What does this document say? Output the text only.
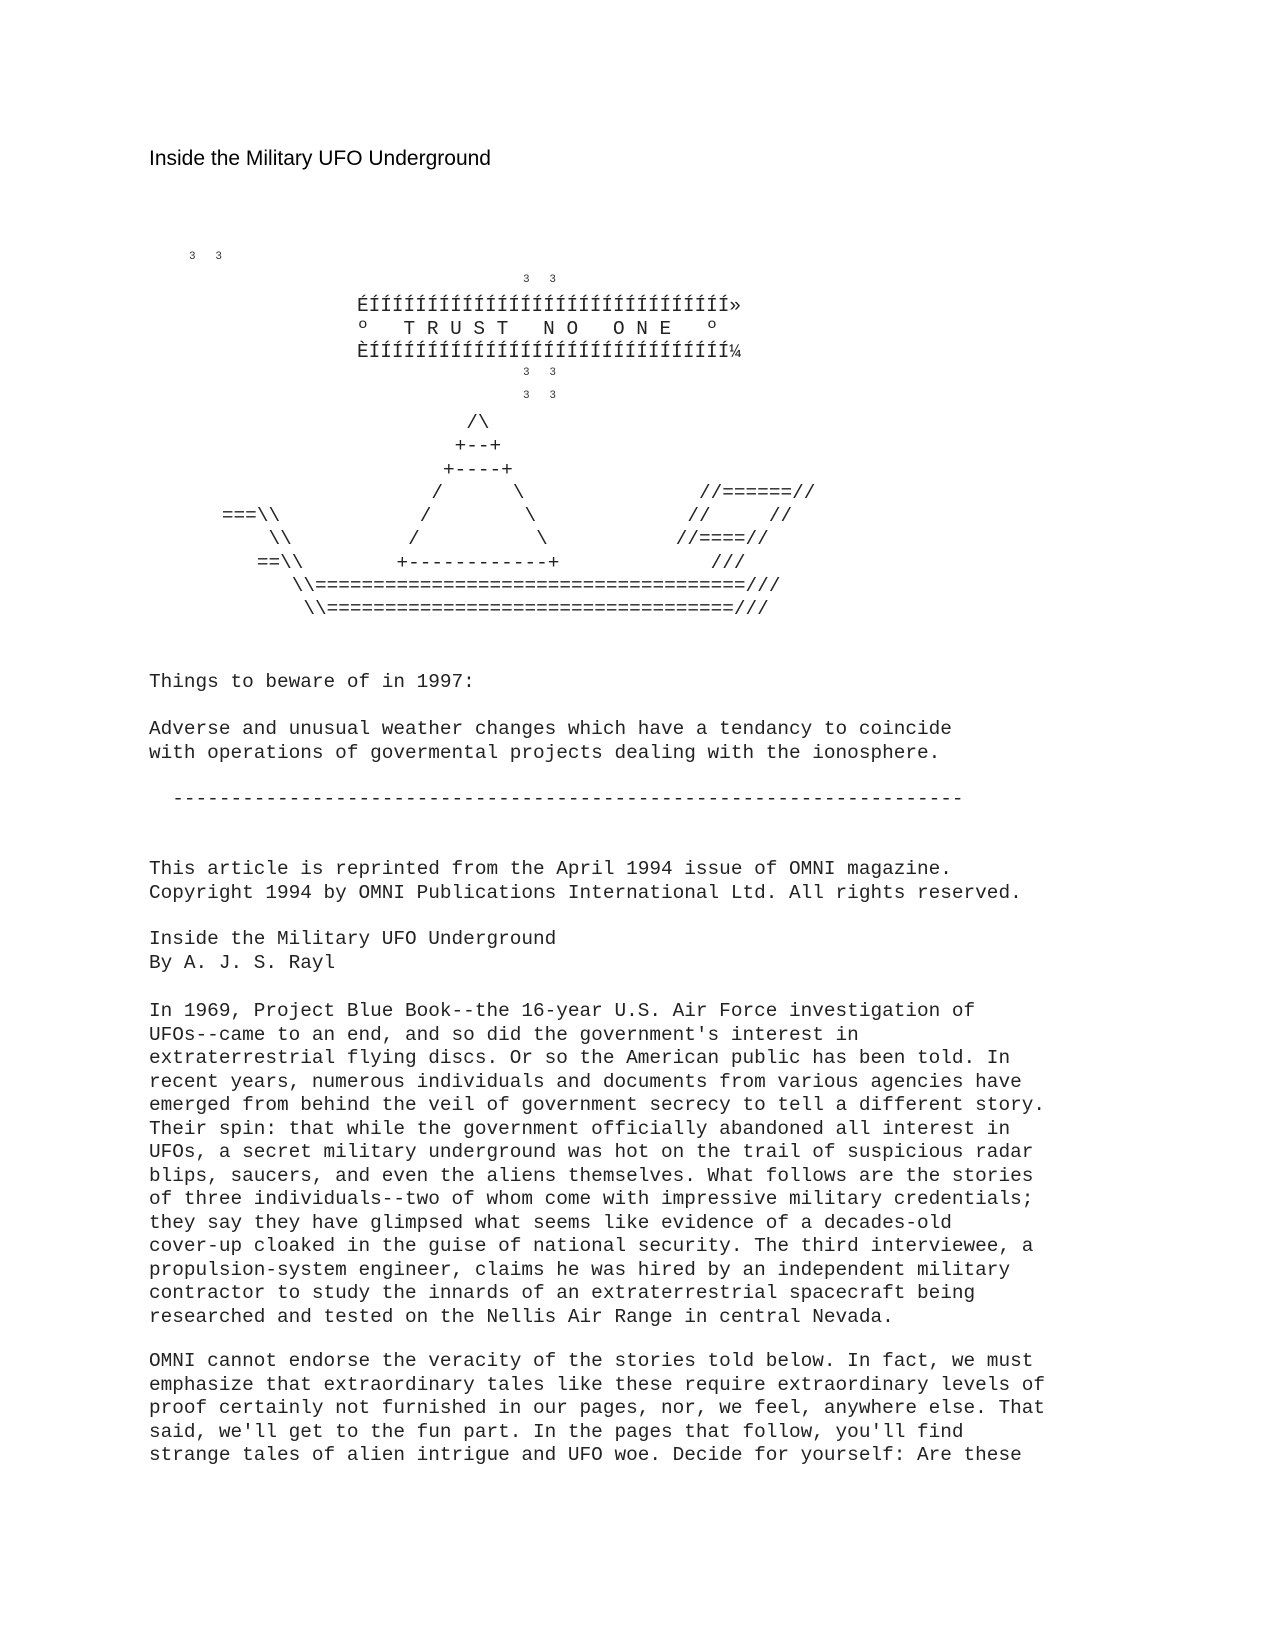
Inside the Military UFO Underground
3   3
3   3
ÉÍÍÍÍÍÍÍÍÍÍÍÍÍÍÍÍÍÍÍÍÍÍÍÍÍÍÍÍÍÍÍ»
º   T R U S T   N O   O N E   º
ÈÍÍÍÍÍÍÍÍÍÍÍÍÍÍÍÍÍÍÍÍÍÍÍÍÍÍÍÍÍÍÍ¼
3   3
3   3
/\
+--+
+----+
/      \               //======//
===\\            /        \             //     //
\\          /          \           //====//
==\\        +------------+             ///
\\=====================================///
\\===================================///
Things to beware of in 1997:
Adverse and unusual weather changes which have a tendancy to coincide
with operations of govermental projects dealing with the ionosphere.
--------------------------------------------------------------------
This article is reprinted from the April 1994 issue of OMNI magazine.
Copyright 1994 by OMNI Publications International Ltd. All rights reserved.
Inside the Military UFO Underground
By A. J. S. Rayl
In 1969, Project Blue Book--the 16-year U.S. Air Force investigation of
UFOs--came to an end, and so did the government's interest in
extraterrestrial flying discs. Or so the American public has been told. In
recent years, numerous individuals and documents from various agencies have
emerged from behind the veil of government secrecy to tell a different story.
Their spin: that while the government officially abandoned all interest in
UFOs, a secret military underground was hot on the trail of suspicious radar
blips, saucers, and even the aliens themselves. What follows are the stories
of three individuals--two of whom come with impressive military credentials;
they say they have glimpsed what seems like evidence of a decades-old
cover-up cloaked in the guise of national security. The third interviewee, a
propulsion-system engineer, claims he was hired by an independent military
contractor to study the innards of an extraterrestrial spacecraft being
researched and tested on the Nellis Air Range in central Nevada.
OMNI cannot endorse the veracity of the stories told below. In fact, we must
emphasize that extraordinary tales like these require extraordinary levels of
proof certainly not furnished in our pages, nor, we feel, anywhere else. That
said, we'll get to the fun part. In the pages that follow, you'll find
strange tales of alien intrigue and UFO woe. Decide for yourself: Are these
